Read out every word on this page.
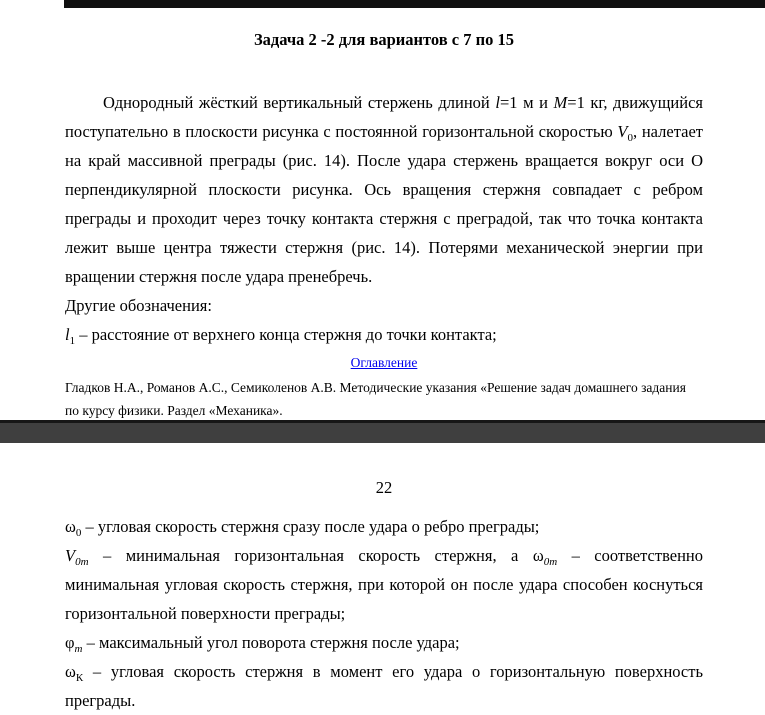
Задача 2 -2 для вариантов с 7 по 15

Однородный жёсткий вертикальный стержень длиной l=1 м и M=1 кг, движущийся поступательно в плоскости рисунка с постоянной горизонтальной скоростью $V_0$, налетает на край массивной преграды (рис. 14). После удара стержень вращается вокруг оси О перпендикулярной плоскости рисунка. Ось вращения стержня совпадает с ребром преграды и проходит через точку контакта стержня с преградой, так что точка контакта лежит выше центра тяжести стержня (рис. 14). Потерями механической энергии при вращении стержня после удара пренебречь.

Другие обозначения:

$l_1$ – расстояние от верхнего конца стержня до точки контакта;

Оглавление

Гладков Н.А., Романов А.С., Семиколенов А.В. Методические указания «Решение задач домашнего задания по курсу физики. Раздел «Механика».

22

$\omega_0$ – угловая скорость стержня сразу после удара о ребро преграды;

$V_{0m}$ – минимальная горизонтальная скорость стержня, а $\omega_{0m}$ – соответственно минимальная угловая скорость стержня, при которой он после удара способен коснуться горизонтальной поверхности преграды;

$\varphi_m$ – максимальный угол поворота стержня после удара;

$\omega_К$ – угловая скорость стержня в момент его удара о горизонтальную поверхность преграды.
